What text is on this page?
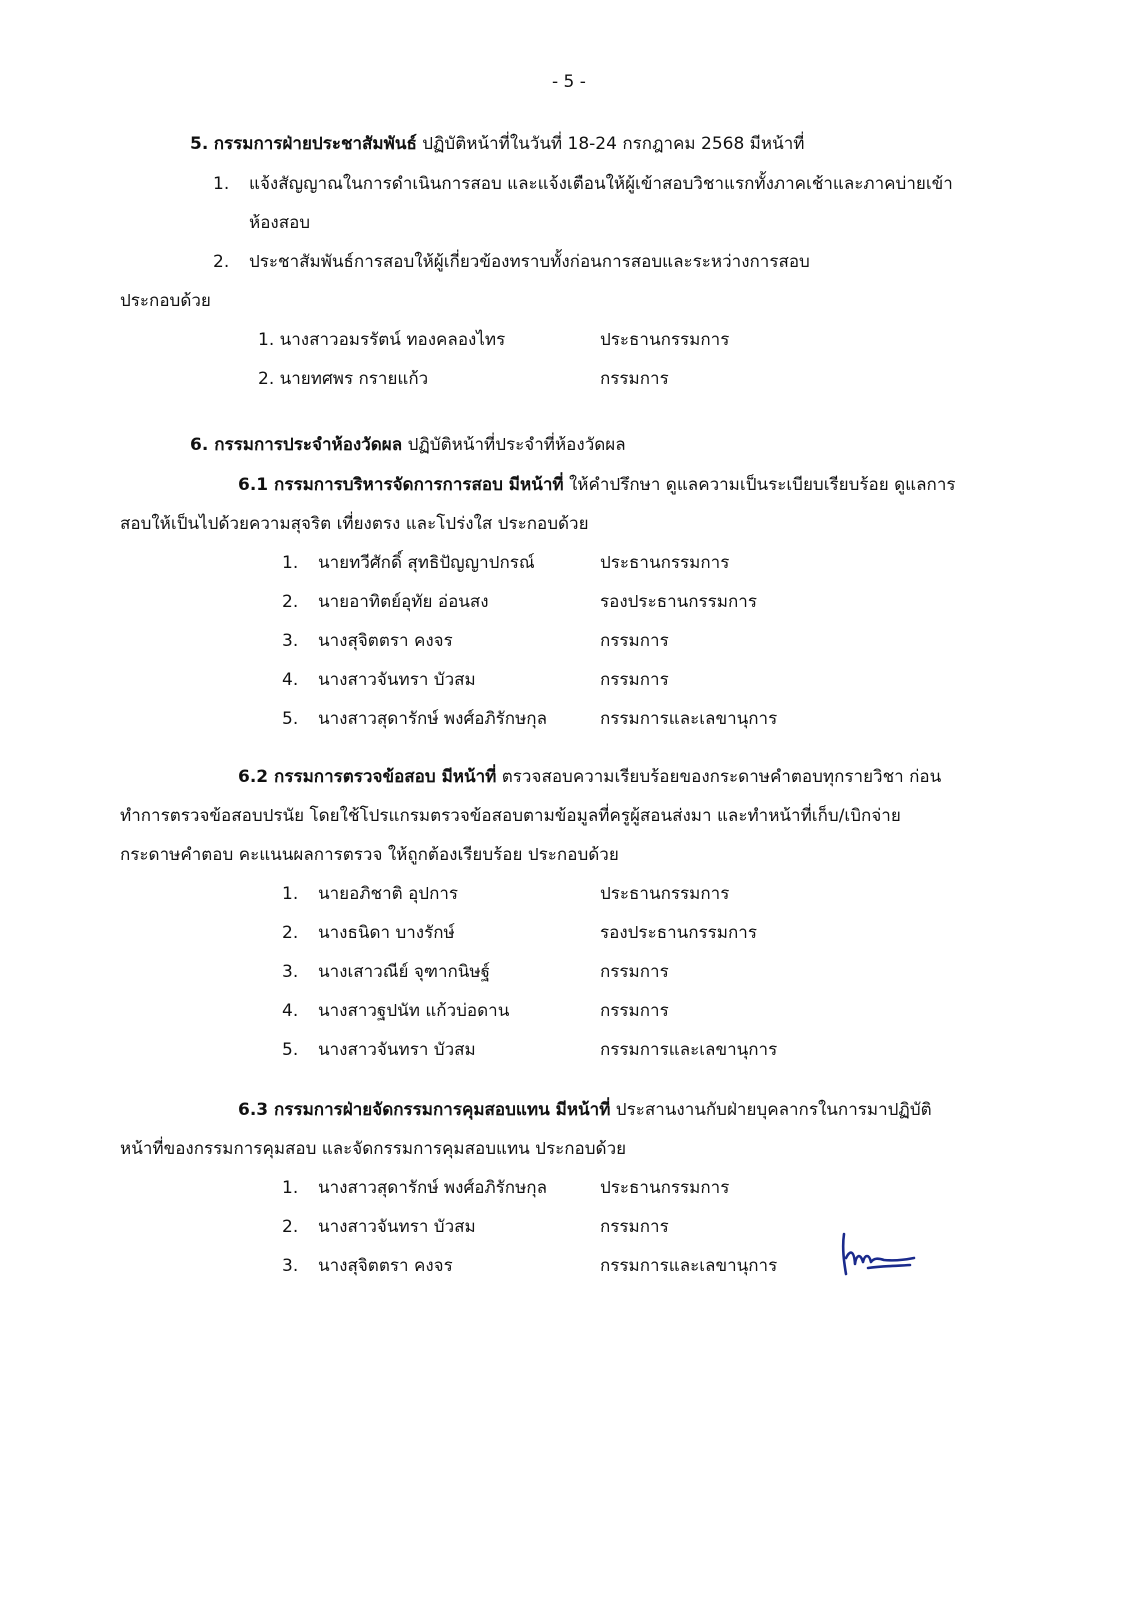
- 5 -
5. กรรมการฝ่ายประชาสัมพันธ์ ปฏิบัติหน้าที่ในวันที่ 18-24 กรกฎาคม 2568 มีหน้าที่
1. แจ้งสัญญาณในการดำเนินการสอบ และแจ้งเตือนให้ผู้เข้าสอบวิชาแรกทั้งภาคเช้าและภาคบ่ายเข้า
ห้องสอบ
2. ประชาสัมพันธ์การสอบให้ผู้เกี่ยวข้องทราบทั้งก่อนการสอบและระหว่างการสอบ
ประกอบด้วย
1. นางสาวอมรรัตน์ ทองคลองไทร	ประธานกรรมการ
2. นายทศพร กรายแก้ว	กรรมการ
6. กรรมการประจำห้องวัดผล ปฏิบัติหน้าที่ประจำที่ห้องวัดผล
6.1 กรรมการบริหารจัดการการสอบ มีหน้าที่ ให้คำปรึกษา ดูแลความเป็นระเบียบเรียบร้อย ดูแลการ
สอบให้เป็นไปด้วยความสุจริต เที่ยงตรง และโปร่งใส ประกอบด้วย
1. นายทวีศักดิ์ สุทธิปัญญาปกรณ์	ประธานกรรมการ
2. นายอาทิตย์อุทัย อ่อนสง	รองประธานกรรมการ
3. นางสุจิตตรา คงจร	กรรมการ
4. นางสาวจันทรา บัวสม	กรรมการ
5. นางสาวสุดารักษ์ พงศ์อภิรักษกุล	กรรมการและเลขานุการ
6.2 กรรมการตรวจข้อสอบ มีหน้าที่ ตรวจสอบความเรียบร้อยของกระดาษคำตอบทุกรายวิชา ก่อน
ทำการตรวจข้อสอบปรนัย โดยใช้โปรแกรมตรวจข้อสอบตามข้อมูลที่ครูผู้สอนส่งมา และทำหน้าที่เก็บ/เบิกจ่าย
กระดาษคำตอบ คะแนนผลการตรวจ ให้ถูกต้องเรียบร้อย ประกอบด้วย
1. นายอภิชาติ อุปการ	ประธานกรรมการ
2. นางธนิดา บางรักษ์	รองประธานกรรมการ
3. นางเสาวณีย์ จุฑากนิษฐ์	กรรมการ
4. นางสาวฐปนัท แก้วบ่อดาน	กรรมการ
5. นางสาวจันทรา บัวสม	กรรมการและเลขานุการ
6.3 กรรมการฝ่ายจัดกรรมการคุมสอบแทน มีหน้าที่ ประสานงานกับฝ่ายบุคลากรในการมาปฏิบัติ
หน้าที่ของกรรมการคุมสอบ และจัดกรรมการคุมสอบแทน ประกอบด้วย
1. นางสาวสุดารักษ์ พงศ์อภิรักษกุล	ประธานกรรมการ
2. นางสาวจันทรา บัวสม	กรรมการ
3. นางสุจิตตรา คงจร	กรรมการและเลขานุการ
